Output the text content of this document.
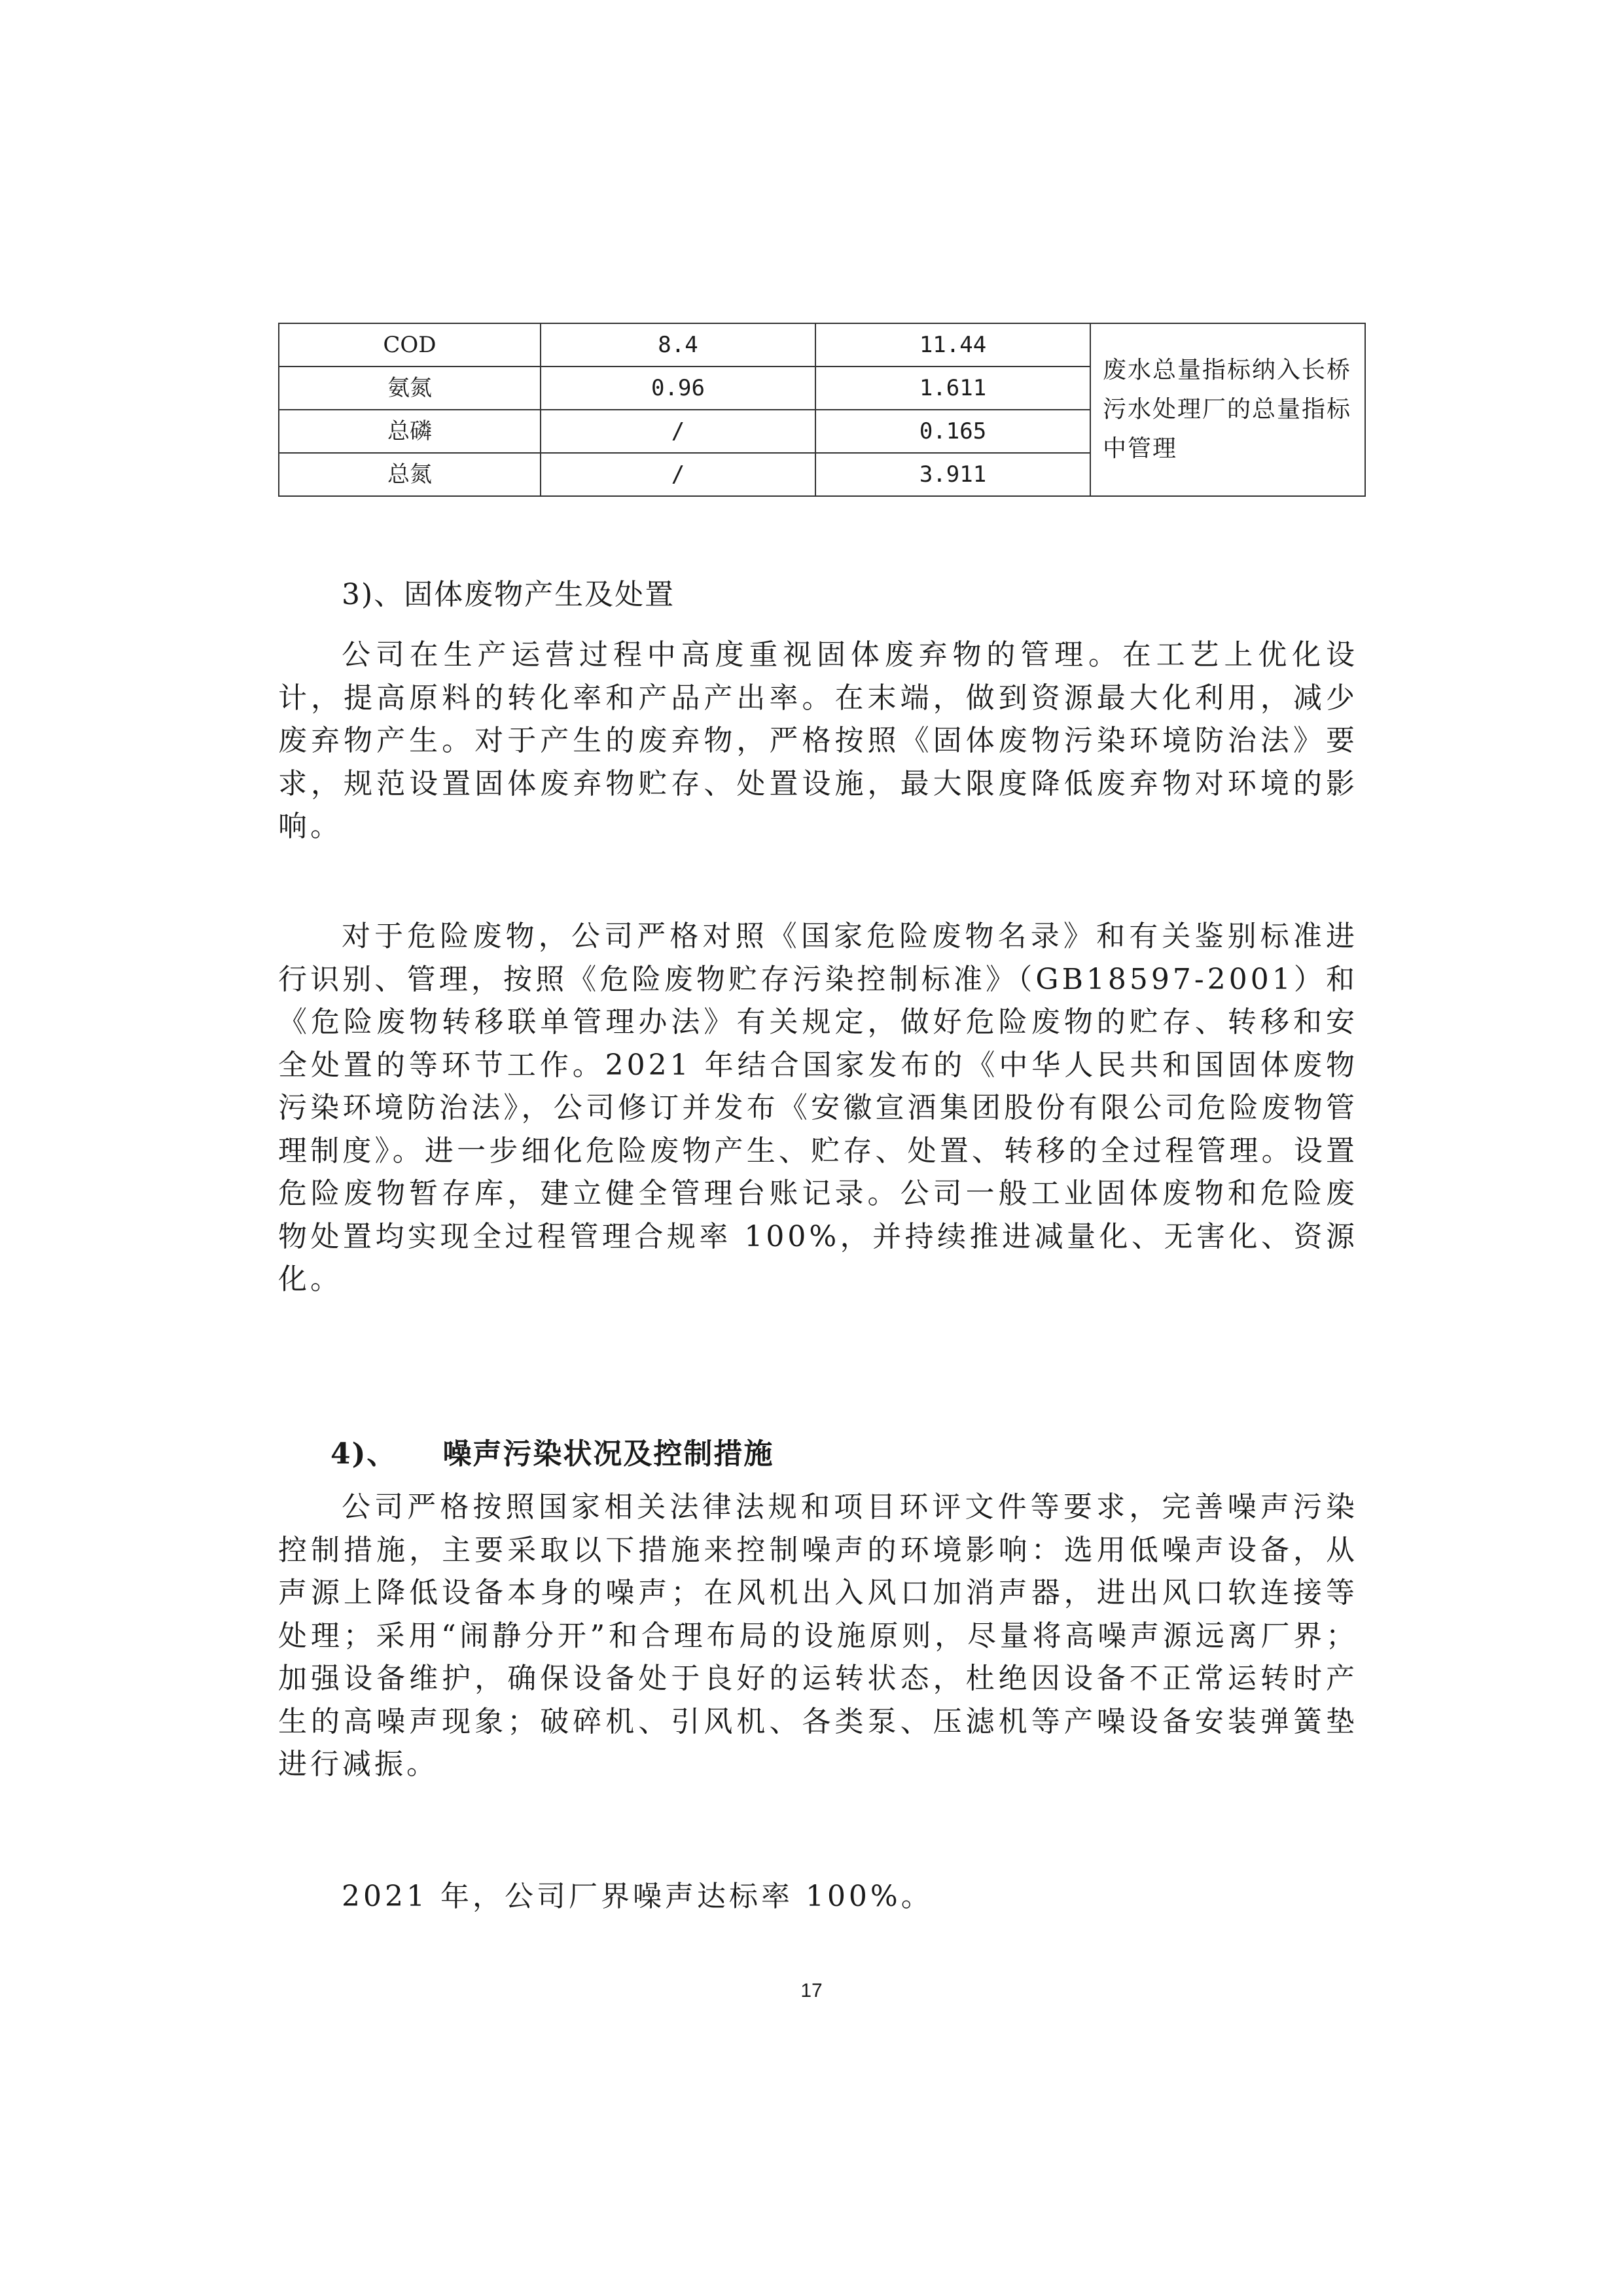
COD	8.4	11.44	废水总量指标纳入长桥污水处理厂的总量指标中管理
氨氮	0.96	1.611	
总磷	/	0.165	
总氮	/	3.911	
3)、固体废物产生及处置

公司在生产运营过程中高度重视固体废弃物的管理。在工艺上优化设计，提高原料的转化率和产品产出率。在末端，做到资源最大化利用，减少废弃物产生。对于产生的废弃物，严格按照《固体废物污染环境防治法》要求，规范设置固体废弃物贮存、处置设施，最大限度降低废弃物对环境的影响。

对于危险废物，公司严格对照《国家危险废物名录》和有关鉴别标准进行识别、管理，按照《危险废物贮存污染控制标准》（GB18597-2001）和《危险废物转移联单管理办法》有关规定，做好危险废物的贮存、转移和安全处置的等环节工作。2021 年结合国家发布的《中华人民共和国固体废物污染环境防治法》，公司修订并发布《安徽宣酒集团股份有限公司危险废物管理制度》。进一步细化危险废物产生、贮存、处置、转移的全过程管理。设置危险废物暂存库，建立健全管理台账记录。公司一般工业固体废物和危险废物处置均实现全过程管理合规率 100%，并持续推进减量化、无害化、资源化。

4)、 噪声污染状况及控制措施

公司严格按照国家相关法律法规和项目环评文件等要求，完善噪声污染控制措施，主要采取以下措施来控制噪声的环境影响：选用低噪声设备，从声源上降低设备本身的噪声；在风机出入风口加消声器，进出风口软连接等处理；采用“闹静分开”和合理布局的设施原则，尽量将高噪声源远离厂界；加强设备维护，确保设备处于良好的运转状态，杜绝因设备不正常运转时产生的高噪声现象；破碎机、引风机、各类泵、压滤机等产噪设备安装弹簧垫进行减振。

2021 年，公司厂界噪声达标率 100%。

17
